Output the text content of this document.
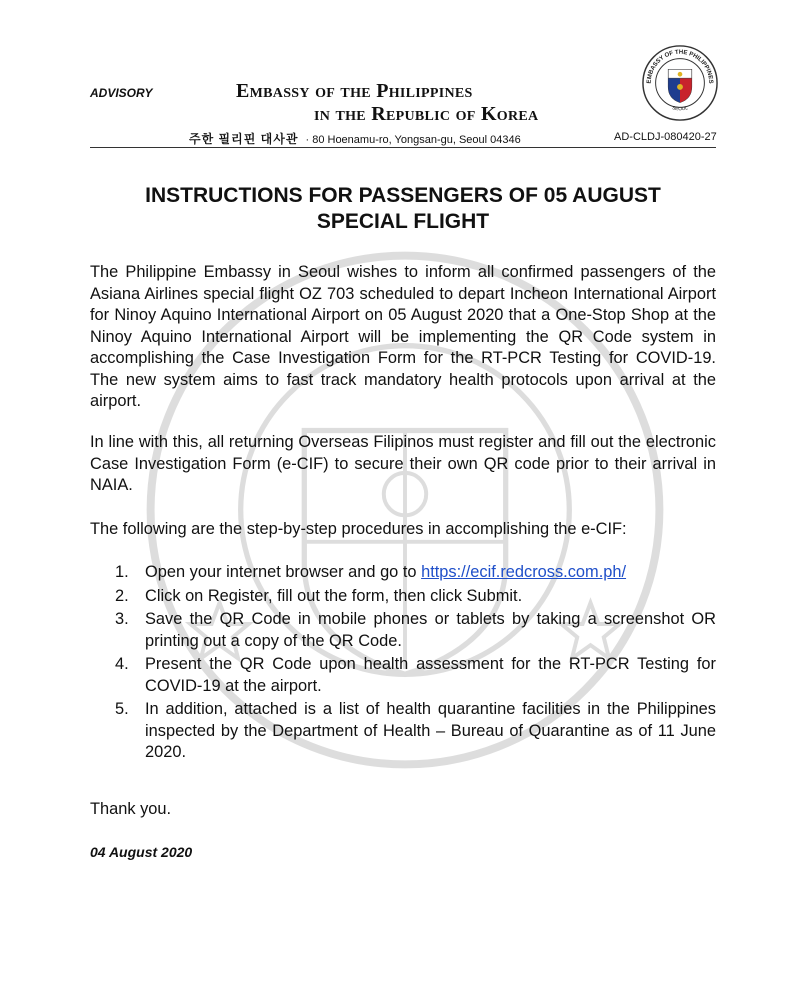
ADVISORY	Embassy of the Philippines
in the Republic of Korea
주한 필리핀 대사관 · 80 Hoenamu-ro, Yongsan-gu, Seoul 04346	AD-CLDJ-080420-27
EMBASSY OF THE PHILIPPINES
SEOUL
INSTRUCTIONS FOR PASSENGERS OF 05 AUGUST
SPECIAL FLIGHT
The Philippine Embassy in Seoul wishes to inform all confirmed passengers of the Asiana Airlines special flight OZ 703 scheduled to depart Incheon International Airport for Ninoy Aquino International Airport on 05 August 2020 that a One-Stop Shop at the Ninoy Aquino International Airport will be implementing the QR Code system in accomplishing the Case Investigation Form for the RT-PCR Testing for COVID-19. The new system aims to fast track mandatory health protocols upon arrival at the airport.
In line with this, all returning Overseas Filipinos must register and fill out the electronic Case Investigation Form (e-CIF) to secure their own QR code prior to their arrival in NAIA.
The following are the step-by-step procedures in accomplishing the e-CIF:
1. Open your internet browser and go to https://ecif.redcross.com.ph/
2. Click on Register, fill out the form, then click Submit.
3. Save the QR Code in mobile phones or tablets by taking a screenshot OR printing out a copy of the QR Code.
4. Present the QR Code upon health assessment for the RT-PCR Testing for COVID-19 at the airport.
5. In addition, attached is a list of health quarantine facilities in the Philippines inspected by the Department of Health – Bureau of Quarantine as of 11 June 2020.
Thank you.
04 August 2020
